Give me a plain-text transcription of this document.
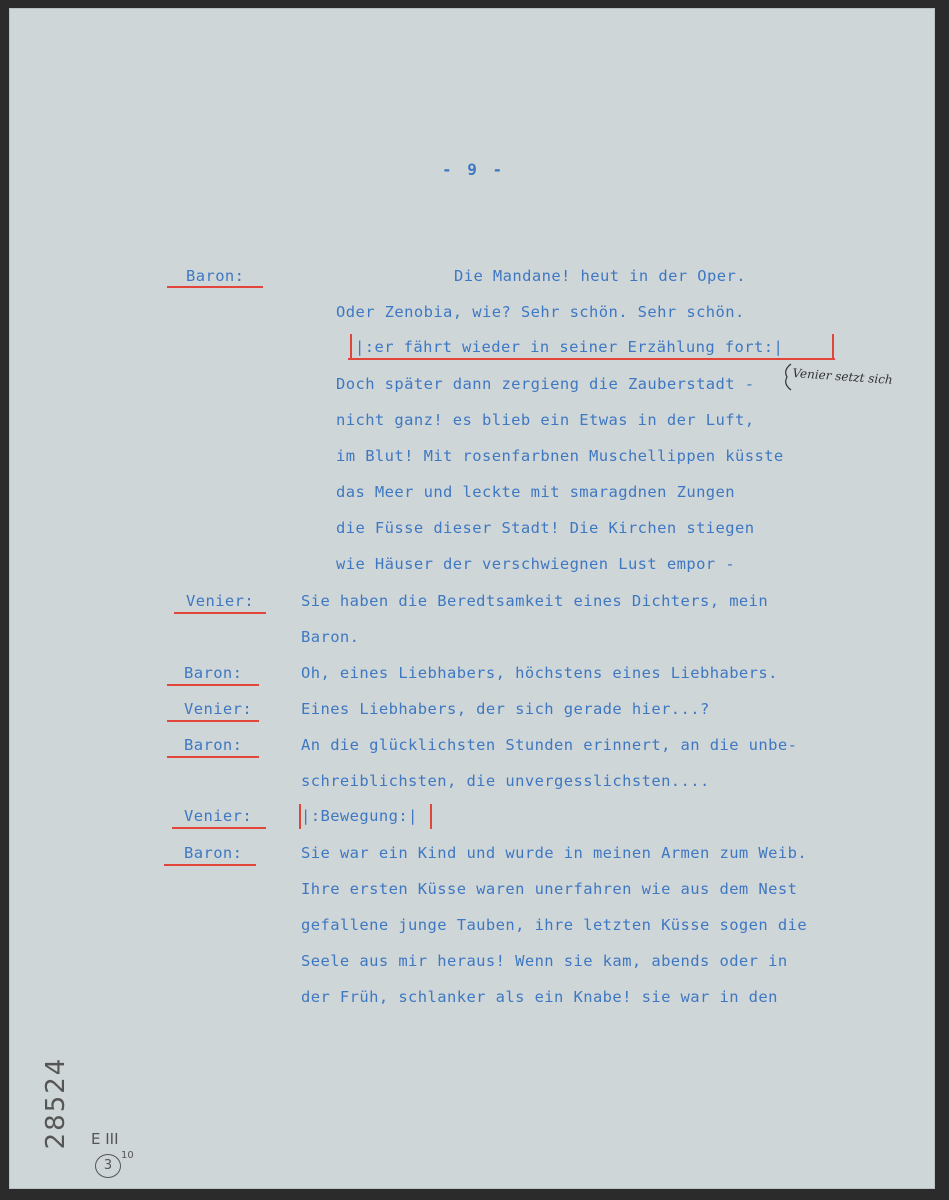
- 9 -
Baron:
Venier:
Baron:
Venier:
Baron:
Venier:
Baron:
Die Mandane! heut in der Oper.
Oder Zenobia, wie? Sehr schön. Sehr schön.
|:er fährt wieder in seiner Erzählung fort:|
Doch später dann zergieng die Zauberstadt -
nicht ganz! es blieb ein Etwas in der Luft,
im Blut! Mit rosenfarbnen Muschellippen küsste
das Meer und leckte mit smaragdnen Zungen
die Füsse dieser Stadt! Die Kirchen stiegen
wie Häuser der verschwiegnen Lust empor -
Sie haben die Beredtsamkeit eines Dichters, mein
Baron.
Oh, eines Liebhabers, höchstens eines Liebhabers.
Eines Liebhabers, der sich gerade hier...?
An die glücklichsten Stunden erinnert, an die unbe-
schreiblichsten, die unvergesslichsten....
|:Bewegung:|
Sie war ein Kind und wurde in meinen Armen zum Weib.
Ihre ersten Küsse waren unerfahren wie aus dem Nest
gefallene junge Tauben, ihre letzten Küsse sogen die
Seele aus mir heraus! Wenn sie kam, abends oder in
der Früh, schlanker als ein Knabe! sie war in den
Venier setzt sich
28524 E III
3
10
